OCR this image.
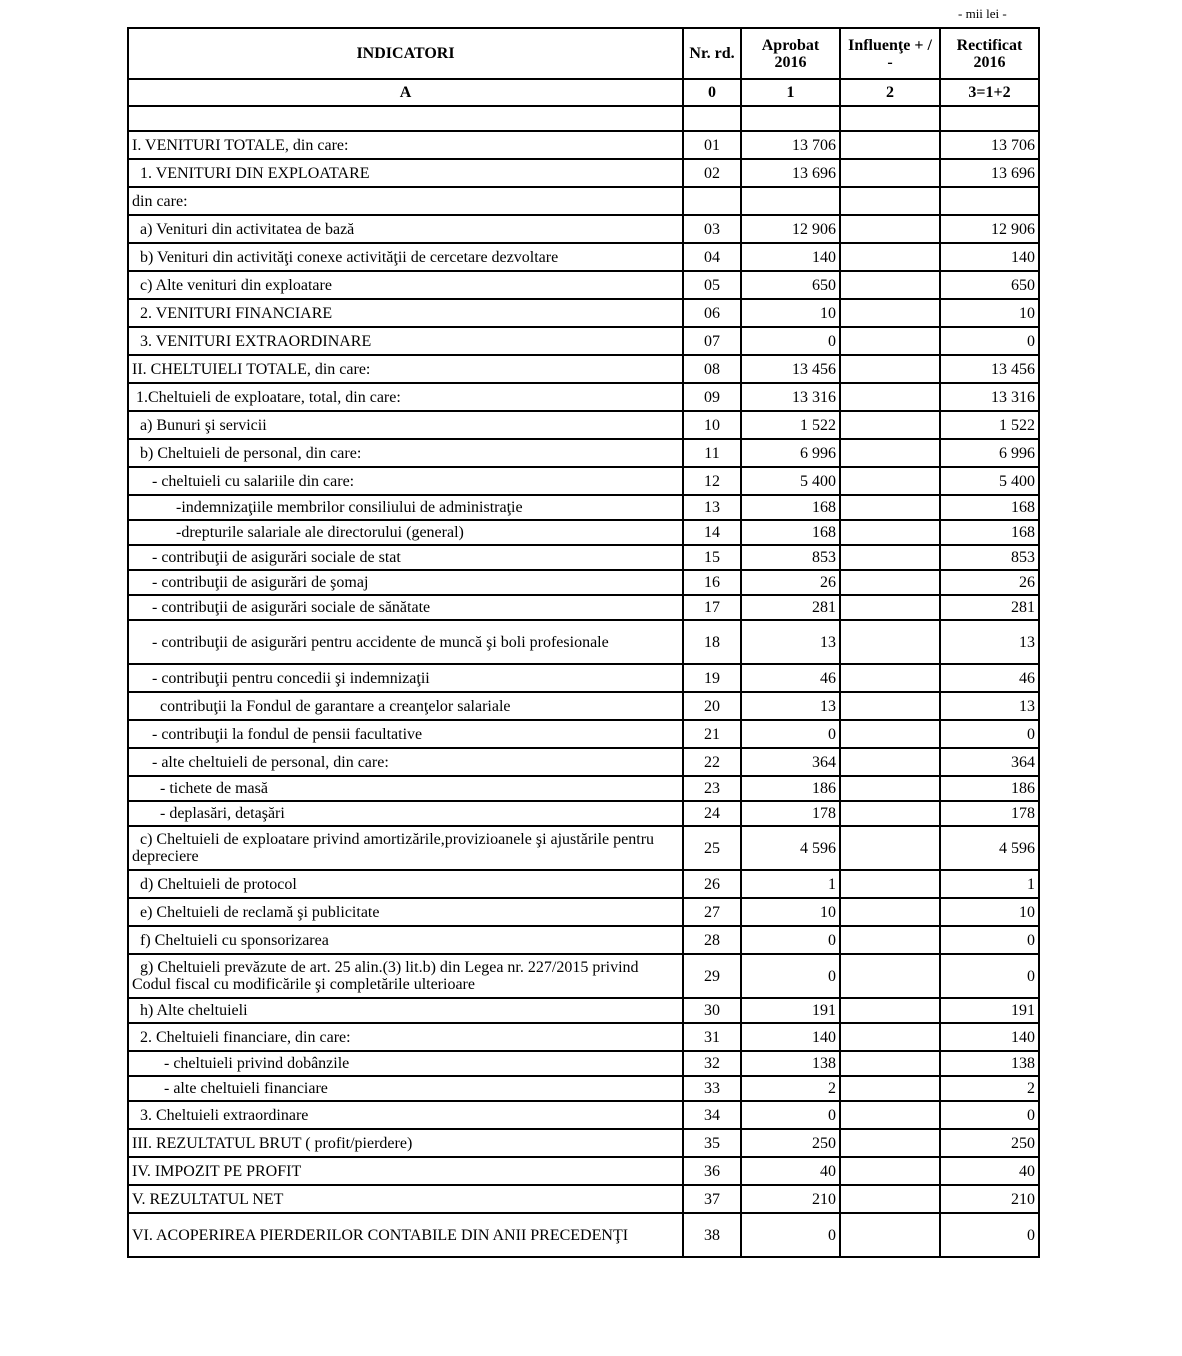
- mii lei -
INDICATORI	Nr. rd.	Aprobat 2016	Influenţe + / -	Rectificat 2016
A	0	1	2	3=1+2

I. VENITURI TOTALE, din care:	01	13 706		13 706
1. VENITURI DIN EXPLOATARE	02	13 696		13 696
din care:				
a) Venituri din activitatea de bază	03	12 906		12 906
b) Venituri din activităţi conexe activităţii de cercetare dezvoltare	04	140		140
c) Alte venituri din exploatare	05	650		650
2. VENITURI FINANCIARE	06	10		10
3. VENITURI EXTRAORDINARE	07	0		0
II. CHELTUIELI TOTALE, din care:	08	13 456		13 456
1.Cheltuieli de exploatare, total, din care:	09	13 316		13 316
a) Bunuri şi servicii	10	1 522		1 522
b) Cheltuieli de personal, din care:	11	6 996		6 996
- cheltuieli cu salariile din care:	12	5 400		5 400
-indemnizaţiile membrilor consiliului de administraţie	13	168		168
-drepturile salariale ale directorului (general)	14	168		168
- contribuţii de asigurări sociale de stat	15	853		853
- contribuţii de asigurări de şomaj	16	26		26
- contribuţii de asigurări sociale de sănătate	17	281		281
- contribuţii de asigurări pentru accidente de muncă şi boli profesionale	18	13		13
- contribuţii pentru concedii şi indemnizaţii	19	46		46
contribuţii la Fondul de garantare a creanţelor salariale	20	13		13
- contribuţii la fondul de pensii facultative	21	0		0
- alte cheltuieli de personal, din care:	22	364		364
- tichete de masă	23	186		186
- deplasări, detaşări	24	178		178
c) Cheltuieli de exploatare privind amortizările,provizioanele şi ajustările pentru depreciere	25	4 596		4 596
d) Cheltuieli de protocol	26	1		1
e) Cheltuieli de reclamă şi publicitate	27	10		10
f) Cheltuieli cu sponsorizarea	28	0		0
g) Cheltuieli prevăzute de art. 25 alin.(3) lit.b) din Legea nr. 227/2015 privind Codul fiscal cu modificările şi completările ulterioare	29	0		0
h) Alte cheltuieli	30	191		191
2. Cheltuieli financiare, din care:	31	140		140
- cheltuieli privind dobânzile	32	138		138
- alte cheltuieli financiare	33	2		2
3. Cheltuieli extraordinare	34	0		0
III. REZULTATUL BRUT ( profit/pierdere)	35	250		250
IV. IMPOZIT PE PROFIT	36	40		40
V. REZULTATUL NET	37	210		210
VI. ACOPERIREA PIERDERILOR CONTABILE DIN ANII PRECEDENŢI	38	0		0
